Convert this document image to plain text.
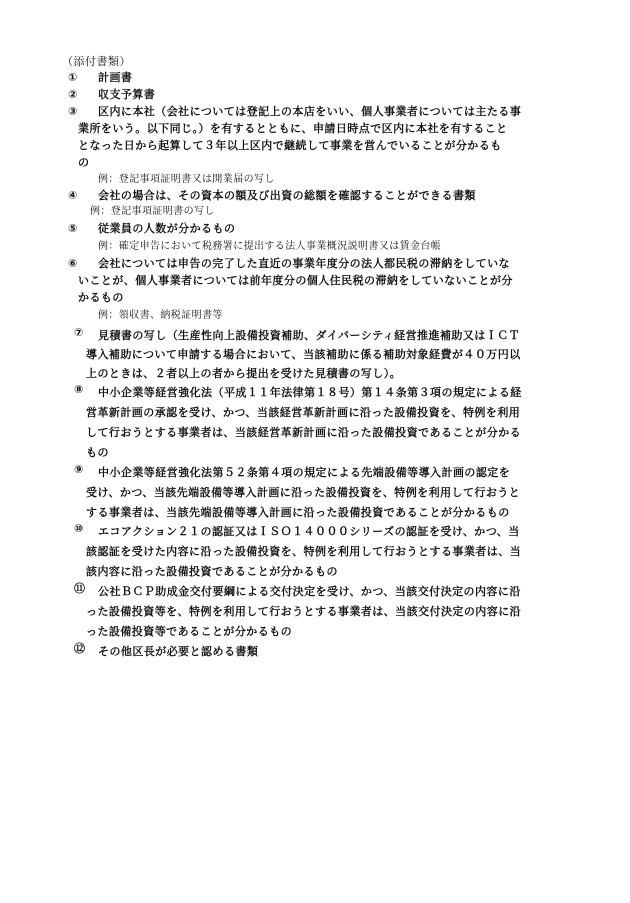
（添付書類）
① 計画書
② 収支予算書
③ 区内に本社（会社については登記上の本店をいい、個人事業者については主たる事
業所をいう。以下同じ。）を有するとともに、申請日時点で区内に本社を有すること
となった日から起算して３年以上区内で継続して事業を営んでいることが分かるも
の
例：登記事項証明書又は開業届の写し
④ 会社の場合は、その資本の額及び出資の総額を確認することができる書類
例：登記事項証明書の写し
⑤ 従業員の人数が分かるもの
例：確定申告において税務署に提出する法人事業概況説明書又は賃金台帳
⑥ 会社については申告の完了した直近の事業年度分の法人都民税の滞納をしていな
いことが、個人事業者については前年度分の個人住民税の滞納をしていないことが分
かるもの
例：領収書、納税証明書等
⑦ 見積書の写し（生産性向上設備投資補助、ダイバーシティ経営推進補助又はＩＣＴ
導入補助について申請する場合において、当該補助に係る補助対象経費が４０万円以
上のときは、２者以上の者から提出を受けた見積書の写し）。
⑧ 中小企業等経営強化法（平成１１年法律第１８号）第１４条第３項の規定による経
営革新計画の承認を受け、かつ、当該経営革新計画に沿った設備投資を、特例を利用
して行おうとする事業者は、当該経営革新計画に沿った設備投資であることが分かる
もの
⑨ 中小企業等経営強化法第５２条第４項の規定による先端設備等導入計画の認定を
受け、かつ、当該先端設備等導入計画に沿った設備投資を、特例を利用して行おうと
する事業者は、当該先端設備等導入計画に沿った設備投資であることが分かるもの
⑩ エコアクション２１の認証又はＩＳＯ１４０００シリーズの認証を受け、かつ、当
該認証を受けた内容に沿った設備投資を、特例を利用して行おうとする事業者は、当
該内容に沿った設備投資であることが分かるもの
⑪ 公社ＢＣＰ助成金交付要綱による交付決定を受け、かつ、当該交付決定の内容に沿
った設備投資等を、特例を利用して行おうとする事業者は、当該交付決定の内容に沿
った設備投資等であることが分かるもの
⑫ その他区長が必要と認める書類
